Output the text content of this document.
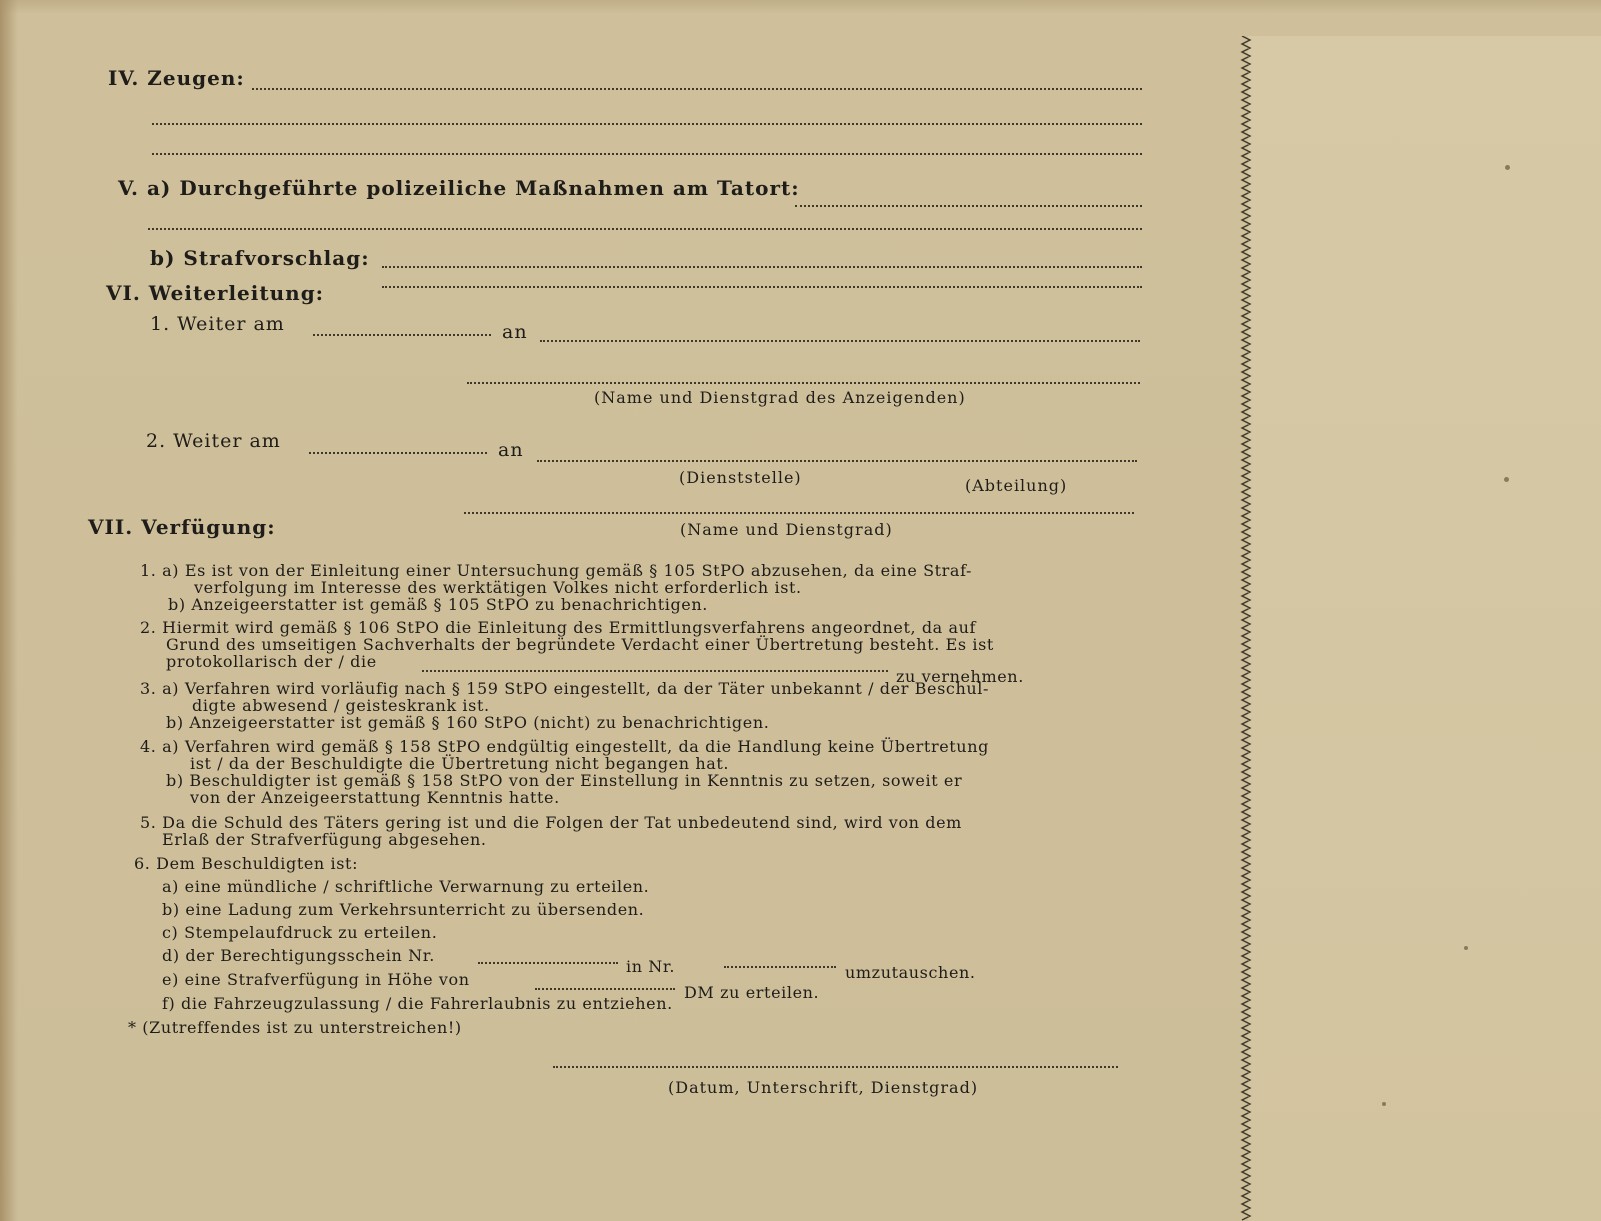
IV. Zeugen:
V. a) Durchgeführte polizeiliche Maßnahmen am Tatort:
b) Strafvorschlag:
VI. Weiterleitung:
1. Weiter am	an
(Name und Dienstgrad des Anzeigenden)
2. Weiter am	an
(Dienststelle)	(Abteilung)
(Name und Dienstgrad)
VII. Verfügung:
1. a) Es ist von der Einleitung einer Untersuchung gemäß § 105 StPO abzusehen, da eine Straf-
verfolgung im Interesse des werktätigen Volkes nicht erforderlich ist.
b) Anzeigeerstatter ist gemäß § 105 StPO zu benachrichtigen.
2. Hiermit wird gemäß § 106 StPO die Einleitung des Ermittlungsverfahrens angeordnet, da auf
Grund des umseitigen Sachverhalts der begründete Verdacht einer Übertretung besteht. Es ist
protokollarisch der / die
zu vernehmen.
3. a) Verfahren wird vorläufig nach § 159 StPO eingestellt, da der Täter unbekannt / der Beschul-
digte abwesend / geisteskrank ist.
b) Anzeigeerstatter ist gemäß § 160 StPO (nicht) zu benachrichtigen.
4. a) Verfahren wird gemäß § 158 StPO endgültig eingestellt, da die Handlung keine Übertretung
ist / da der Beschuldigte die Übertretung nicht begangen hat.
b) Beschuldigter ist gemäß § 158 StPO von der Einstellung in Kenntnis zu setzen, soweit er
von der Anzeigeerstattung Kenntnis hatte.
5. Da die Schuld des Täters gering ist und die Folgen der Tat unbedeutend sind, wird von dem
Erlaß der Strafverfügung abgesehen.
6. Dem Beschuldigten ist:
a) eine mündliche / schriftliche Verwarnung zu erteilen.
b) eine Ladung zum Verkehrsunterricht zu übersenden.
c) Stempelaufdruck zu erteilen.
d) der Berechtigungsschein Nr.
in Nr.	umzutauschen.
e) eine Strafverfügung in Höhe von
DM zu erteilen.
f) die Fahrzeugzulassung / die Fahrerlaubnis zu entziehen.
* (Zutreffendes ist zu unterstreichen!)
(Datum, Unterschrift, Dienstgrad)
